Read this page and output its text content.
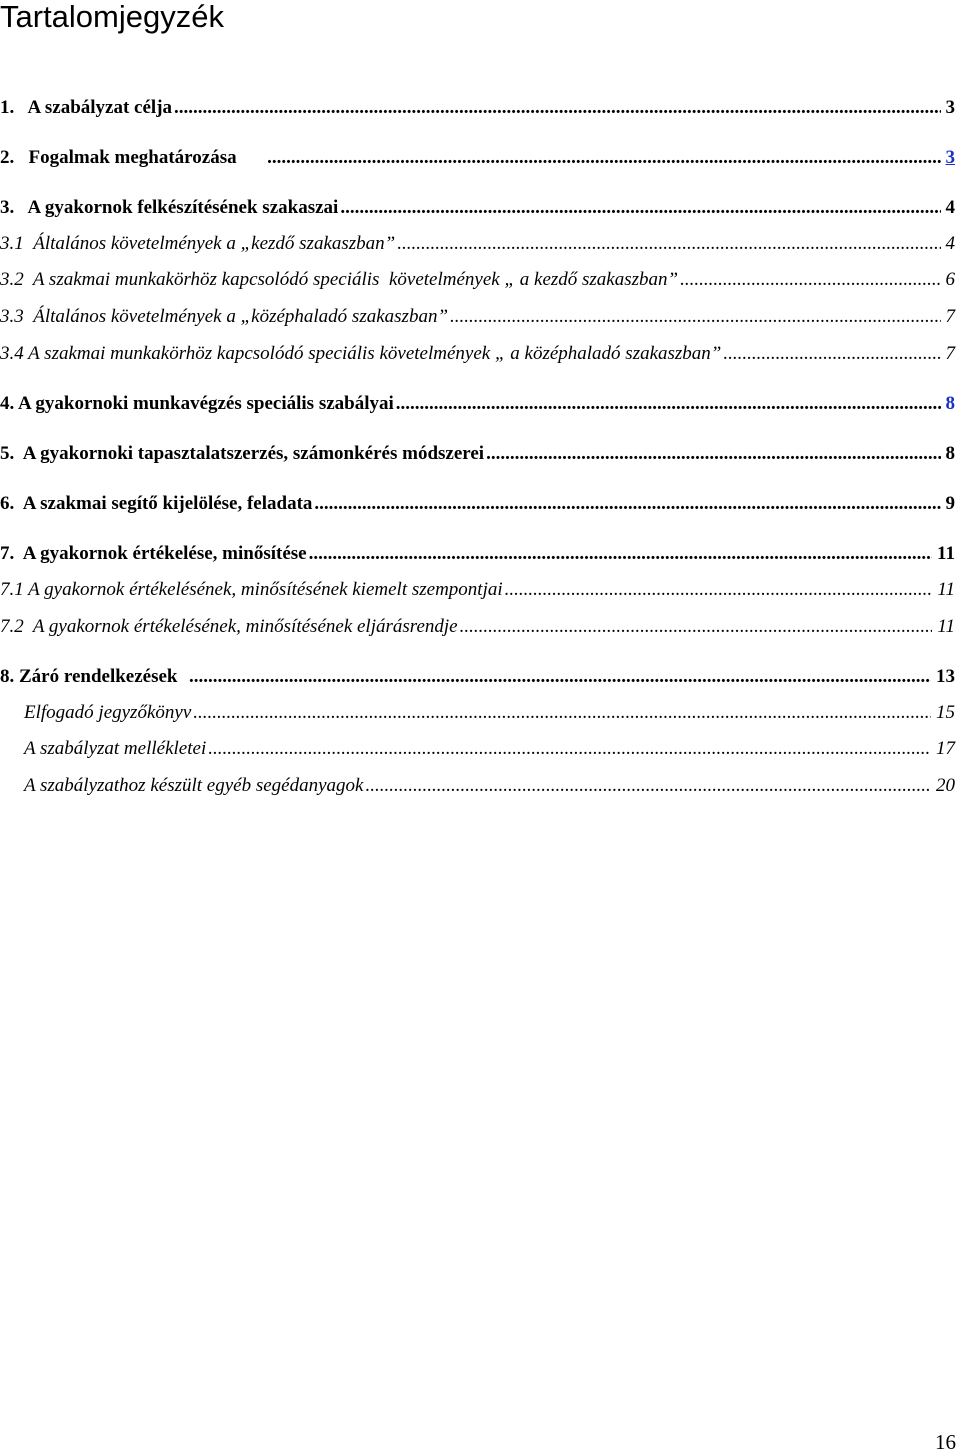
Tartalomjegyzék
1.   A szabályzat célja .....	3
2.   Fogalmak meghatározása .....	3
3.   A gyakornok felkészítésének szakaszai .....	4
3.1  Általános követelmények a „kezdő szakaszban” .....	4
3.2  A szakmai munkakörhöz kapcsolódó speciális  követelmények „ a kezdő szakaszban” .....	6
3.3  Általános követelmények a „középhaladó szakaszban” .....	7
3.4 A szakmai munkakörhöz kapcsolódó speciális követelmények „ a középhaladó szakaszban” .....	7
4. A gyakornoki munkavégzés speciális szabályai .....	8
5.  A gyakornoki tapasztalatszerzés, számonkérés módszerei .....	8
6.  A szakmai segítő kijelölése, feladata .....	9
7.  A gyakornok értékelése, minősítése .....	11
7.1 A gyakornok értékelésének, minősítésének kiemelt szempontjai .....	11
7.2  A gyakornok értékelésének, minősítésének eljárásrendje .....	11
8. Záró rendelkezések .....	13
Elfogadó jegyzőkönyv .....	15
A szabályzat mellékletei .....	17
A szabályzathoz készült egyéb segédanyagok .....	20
16
